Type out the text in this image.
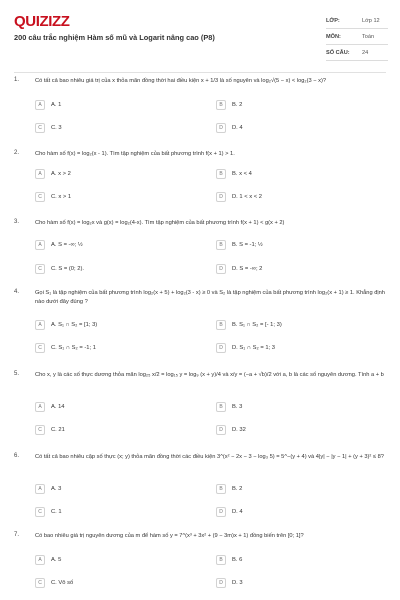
QUIZIZZ
200 câu trắc nghiệm Hàm số mũ và Logarit nâng cao (P8)
LỚP:	Lớp 12
MÔN:	Toán
SỐ CÂU:	24
1.	Có tất cả bao nhiêu giá trị của x thỏa mãn đồng thời hai điều kiện x + 1/3 là số nguyên và log₂√(5 − x) < log₂(3 − x)?
A	A. 1	B	B. 2
C	C. 3	D	D. 4
2.	Cho hàm số f(x) = log₂(x - 1). Tìm tập nghiệm của bất phương trình f(x + 1) > 1.
A	A. x > 2	B	B. x < 4
C	C. x > 1	D	D. 1 < x < 2
3.	Cho hàm số f(x) = log₂x và g(x) = log₂(4-x). Tìm tập nghiệm của bất phương trình f(x + 1) < g(x + 2)
A	A. S = -∞; ½	B	B. S = -1; ½
C	C. S = (0; 2).	D	D. S = -∞; 2
4.	Gọi S₁ là tập nghiệm của bất phương trình log₂(x + 5) + log₂(3 - x) ≥ 0 và S₂ là tập nghiệm của bất phương trình log₂(x + 1) ≥ 1. Khẳng định nào dưới đây đúng ?
A	A. S₁ ∩ S₂ = [1; 3)	B	B. S₁ ∩ S₂ = [- 1; 3)
C	C. S₁ ∩ S₂ = -1; 1	D	D. S₁ ∩ S₂ = 1; 3
5.	Cho x, y là các số thực dương thỏa mãn log₂₅ x/2 = log₁₅ y = log₉ (x + y)/4 và x/y = (−a + √b)/2 với a, b là các số nguyên dương. Tính a + b
A	A. 14	B	B. 3
C	C. 21	D	D. 32
6.	Có tất cả bao nhiêu cặp số thực (x; y) thỏa mãn đồng thời các điều kiện 3^(x² − 2x − 3 − log₃ 5) = 5^−(y + 4) và 4|y| − |y − 1| + (y + 3)² ≤ 8?
A	A. 3	B	B. 2
C	C. 1	D	D. 4
7.	Có bao nhiêu giá trị nguyên dương của m để hàm số y = 7^(x³ + 3x² + (9 − 3m)x + 1) đồng biến trên [0; 1]?
A	A. 5	B	B. 6
C	C. Vô số	D	D. 3
